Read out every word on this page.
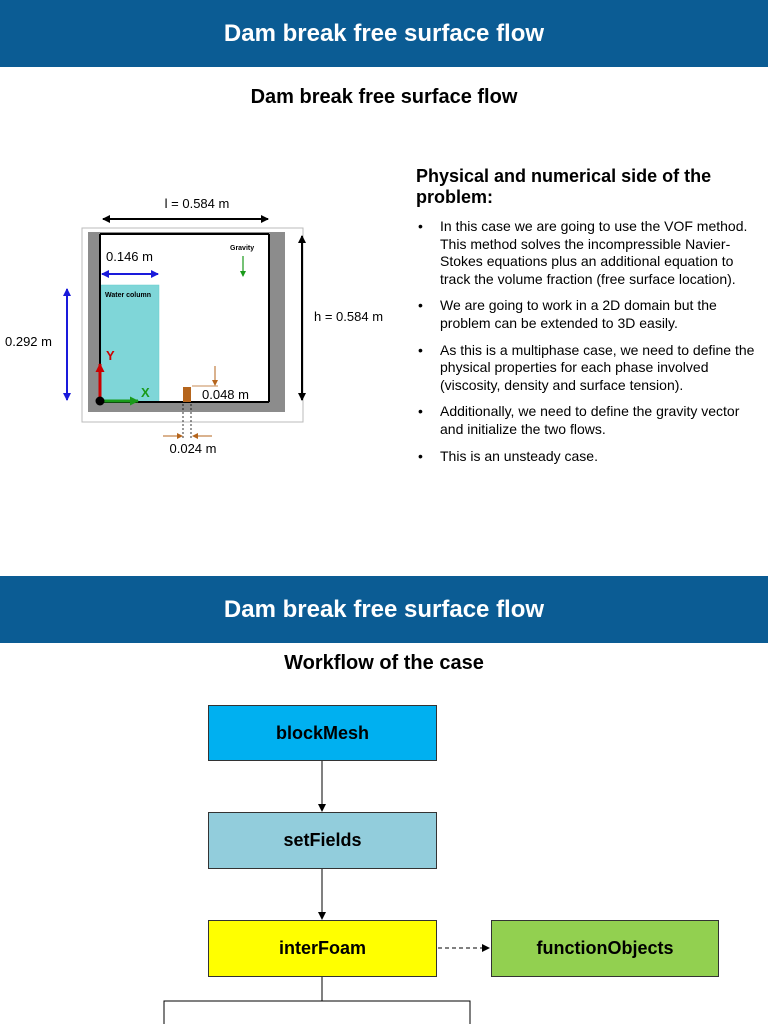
Dam break free surface flow
Dam break free surface flow
Water column
Gravity
l = 0.584 m
h = 0.584 m
0.146 m
0.292 m
Y
X	0.048 m
0.024 m
Physical and numerical side of the problem:
• In this case we are going to use the VOF method. This method solves the incompressible Navier-Stokes equations plus an additional equation to track the volume fraction (free surface location).
• We are going to work in a 2D domain but the problem can be extended to 3D easily.
• As this is a multiphase case, we need to define the physical properties for each phase involved (viscosity, density and surface tension).
• Additionally, we need to define the gravity vector and initialize the two flows.
• This is an unsteady case.
Dam break free surface flow
Workflow of the case
blockMesh
setFields
interFoam	functionObjects
